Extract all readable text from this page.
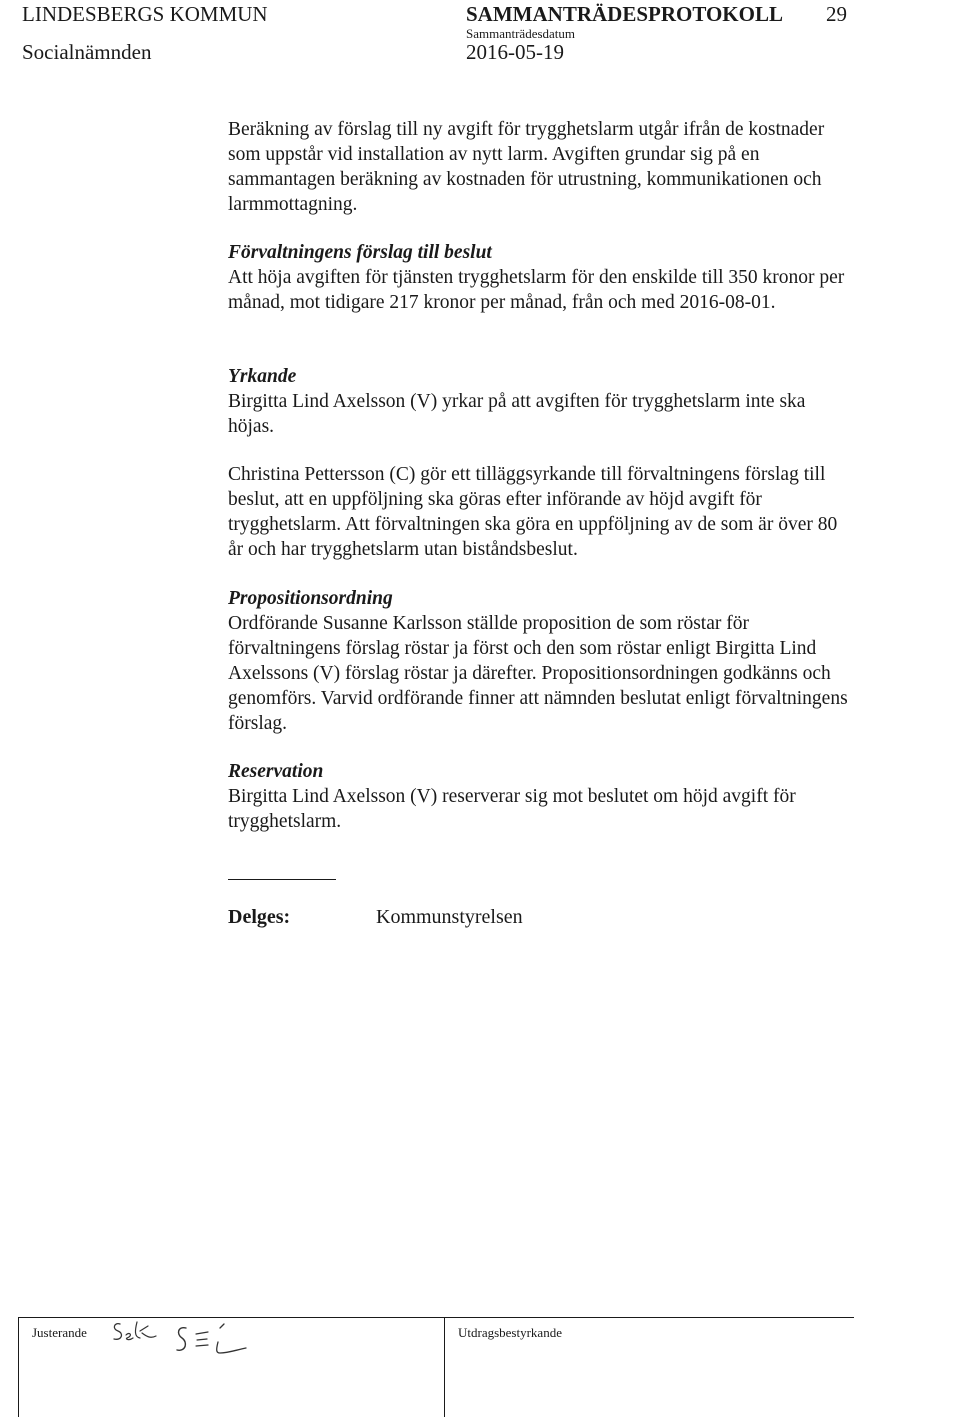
LINDESBERGS KOMMUN
Socialnämnden
SAMMANTRÄDESPROTOKOLL 29
Sammanträdesdatum
2016-05-19

Beräkning av förslag till ny avgift för trygghetslarm utgår ifrån de kostnader som uppstår vid installation av nytt larm. Avgiften grundar sig på en sammantagen beräkning av kostnaden för utrustning, kommunikationen och larmmottagning.

Förvaltningens förslag till beslut
Att höja avgiften för tjänsten trygghetslarm för den enskilde till 350 kronor per månad, mot tidigare 217 kronor per månad, från och med 2016-08-01.
Yrkande
Birgitta Lind Axelsson (V) yrkar på att avgiften för trygghetslarm inte ska höjas.

Christina Pettersson (C) gör ett tilläggsyrkande till förvaltningens förslag till beslut, att en uppföljning ska göras efter införande av höjd avgift för trygghetslarm. Att förvaltningen ska göra en uppföljning av de som är över 80 år och har trygghetslarm utan biståndsbeslut.

Propositionsordning
Ordförande Susanne Karlsson ställde proposition de som röstar för förvaltningens förslag röstar ja först och den som röstar enligt Birgitta Lind Axelssons (V) förslag röstar ja därefter. Propositionsordningen godkänns och genomförs. Varvid ordförande finner att nämnden beslutat enligt förvaltningens förslag.
Reservation
Birgitta Lind Axelsson (V) reserverar sig mot beslutet om höjd avgift för trygghetslarm.
Delges:	Kommunstyrelsen
Justerande	Utdragsbestyrkande
